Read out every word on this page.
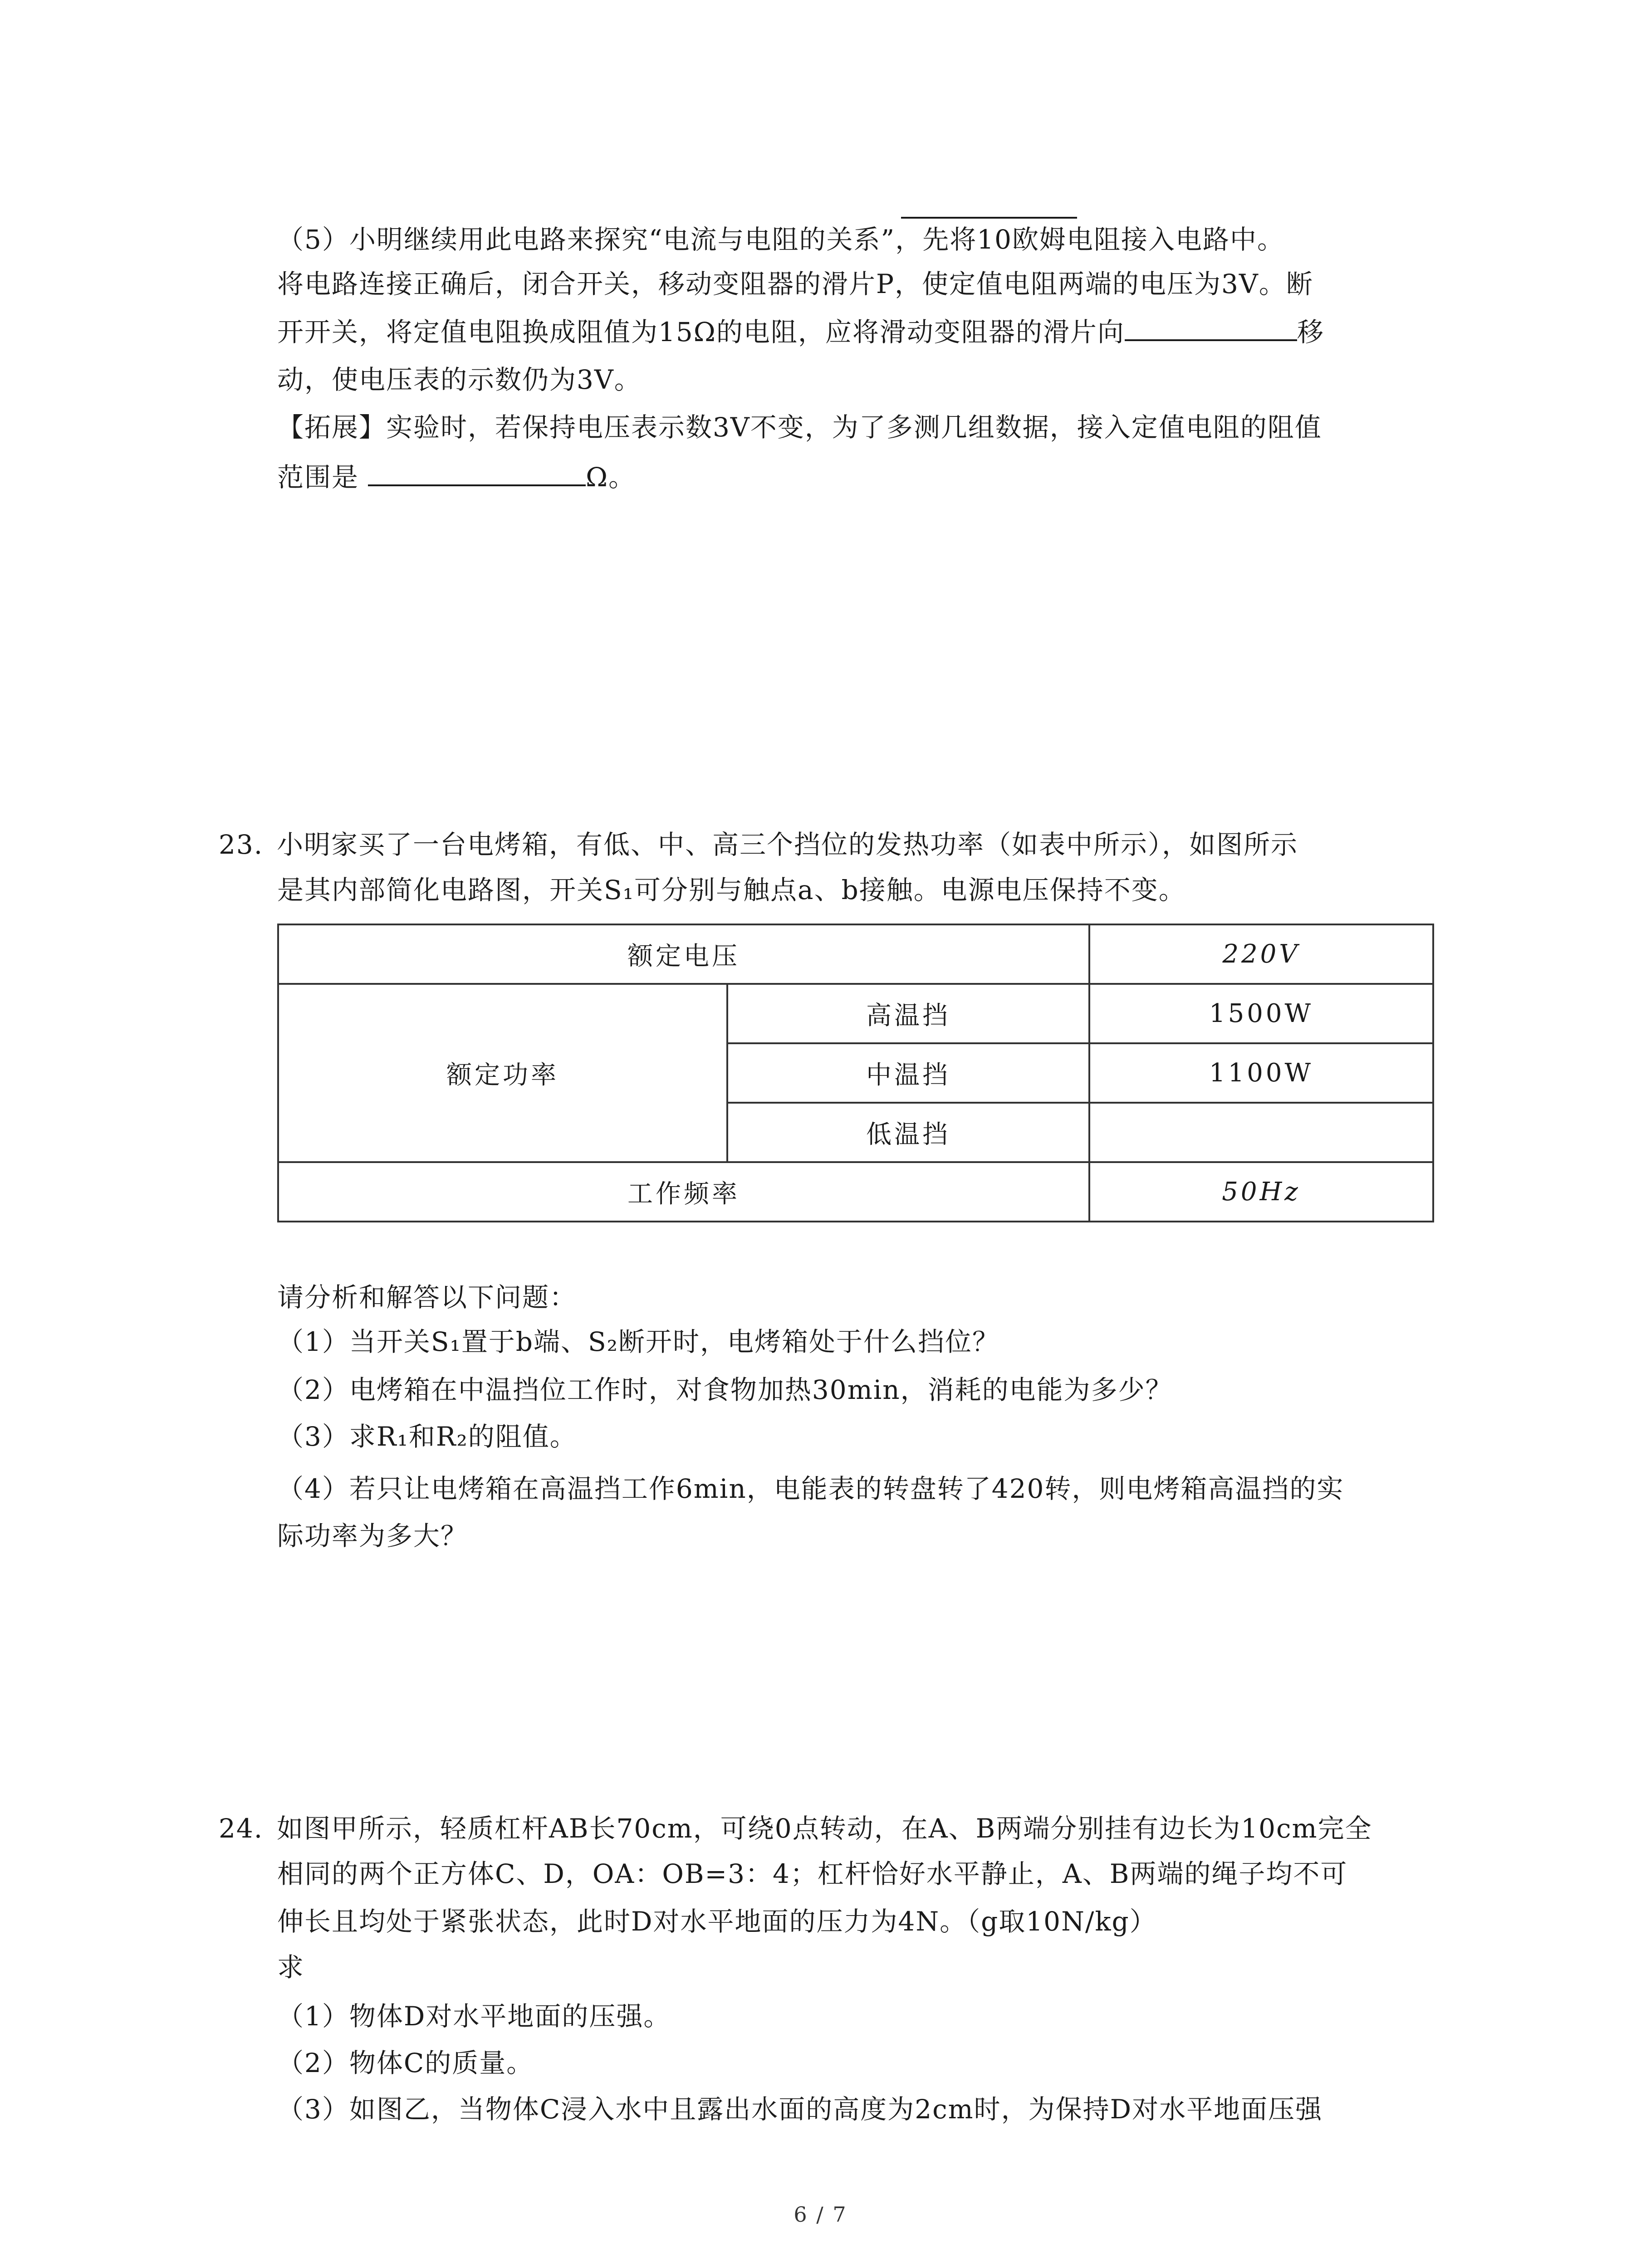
（5）小明继续用此电路来探究“电流与电阻的关系”，先将10欧姆电阻接入电路中。
将电路连接正确后，闭合开关，移动变阻器的滑片P，使定值电阻两端的电压为3V。断
开开关，将定值电阻换成阻值为15Ω的电阻，应将滑动变阻器的滑片向	移
动，使电压表的示数仍为3V。
【拓展】实验时，若保持电压表示数3V不变，为了多测几组数据，接入定值电阻的阻值
范围是	Ω。
23. 小明家买了一台电烤箱，有低、中、高三个挡位的发热功率（如表中所示），如图所示
是其内部简化电路图，开关S₁可分别与触点a、b接触。电源电压保持不变。
额定电压		220V
额定功率	高温挡	1500W
	中温挡	1100W
	低温挡	
工作频率		50Hz
请分析和解答以下问题：
（1）当开关S₁置于b端、S₂断开时，电烤箱处于什么挡位？
（2）电烤箱在中温挡位工作时，对食物加热30min，消耗的电能为多少？
（3）求R₁和R₂的阻值。
（4）若只让电烤箱在高温挡工作6min，电能表的转盘转了420转，则电烤箱高温挡的实
际功率为多大？
24. 如图甲所示，轻质杠杆AB长70cm，可绕0点转动，在A、B两端分别挂有边长为10cm完全
相同的两个正方体C、D，OA：OB=3：4；杠杆恰好水平静止，A、B两端的绳子均不可
伸长且均处于紧张状态，此时D对水平地面的压力为4N。（g取10N/kg）
求
（1）物体D对水平地面的压强。
（2）物体C的质量。
（3）如图乙，当物体C浸入水中且露出水面的高度为2cm时，为保持D对水平地面压强
6 / 7
